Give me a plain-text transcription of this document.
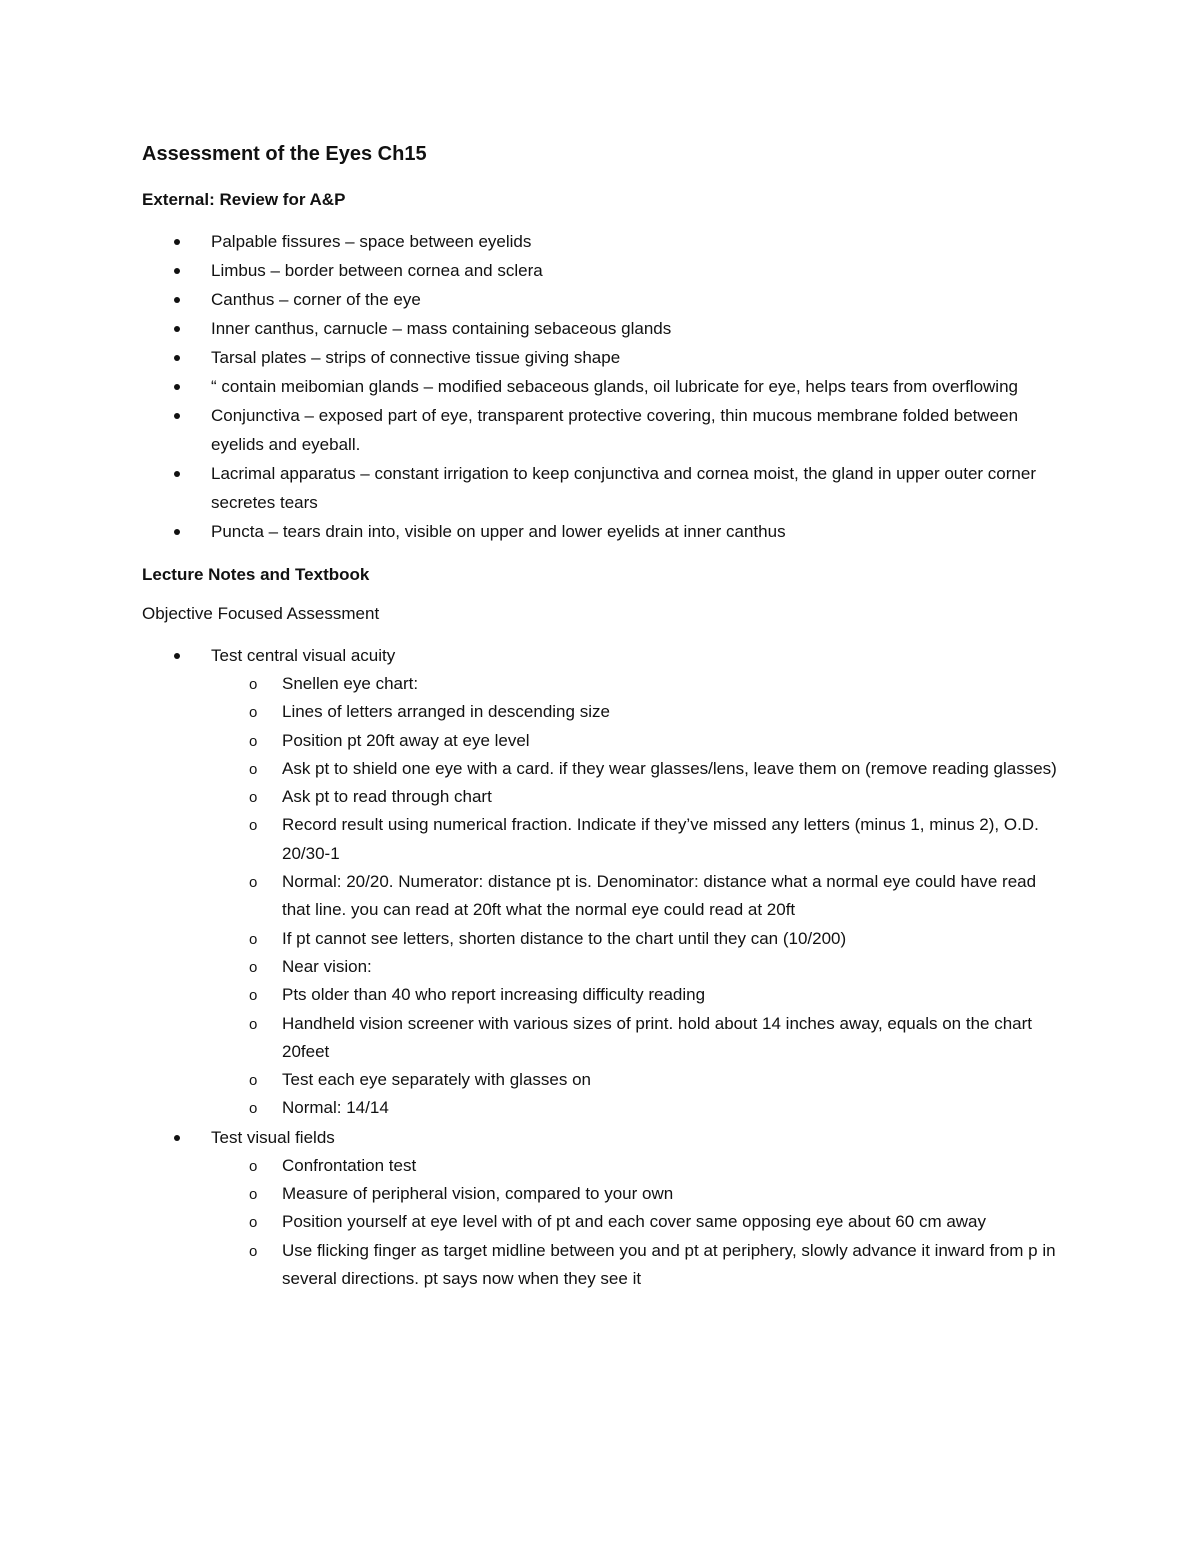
Assessment of the Eyes Ch15
External: Review for A&P
Palpable fissures – space between eyelids
Limbus – border between cornea and sclera
Canthus – corner of the eye
Inner canthus, carnucle – mass containing sebaceous glands
Tarsal plates – strips of connective tissue giving shape
“ contain meibomian glands – modified sebaceous glands, oil lubricate for eye, helps tears from overflowing
Conjunctiva – exposed part of eye, transparent protective covering, thin mucous membrane folded between eyelids and eyeball.
Lacrimal apparatus – constant irrigation to keep conjunctiva and cornea moist, the gland in upper outer corner secretes tears
Puncta – tears drain into, visible on upper and lower eyelids at inner canthus
Lecture Notes and Textbook
Objective Focused Assessment
Test central visual acuity
o Snellen eye chart:
o Lines of letters arranged in descending size
o Position pt 20ft away at eye level
o Ask pt to shield one eye with a card. if they wear glasses/lens, leave them on (remove reading glasses)
o Ask pt to read through chart
o Record result using numerical fraction. Indicate if they’ve missed any letters (minus 1, minus 2), O.D. 20/30-1
o Normal: 20/20. Numerator: distance pt is. Denominator: distance what a normal eye could have read that line. you can read at 20ft what the normal eye could read at 20ft
o If pt cannot see letters, shorten distance to the chart until they can (10/200)
o Near vision:
o Pts older than 40 who report increasing difficulty reading
o Handheld vision screener with various sizes of print. hold about 14 inches away, equals on the chart 20feet
o Test each eye separately with glasses on
o Normal: 14/14
Test visual fields
o Confrontation test
o Measure of peripheral vision, compared to your own
o Position yourself at eye level with of pt and each cover same opposing eye about 60 cm away
o Use flicking finger as target midline between you and pt at periphery, slowly advance it inward from p in several directions. pt says now when they see it
